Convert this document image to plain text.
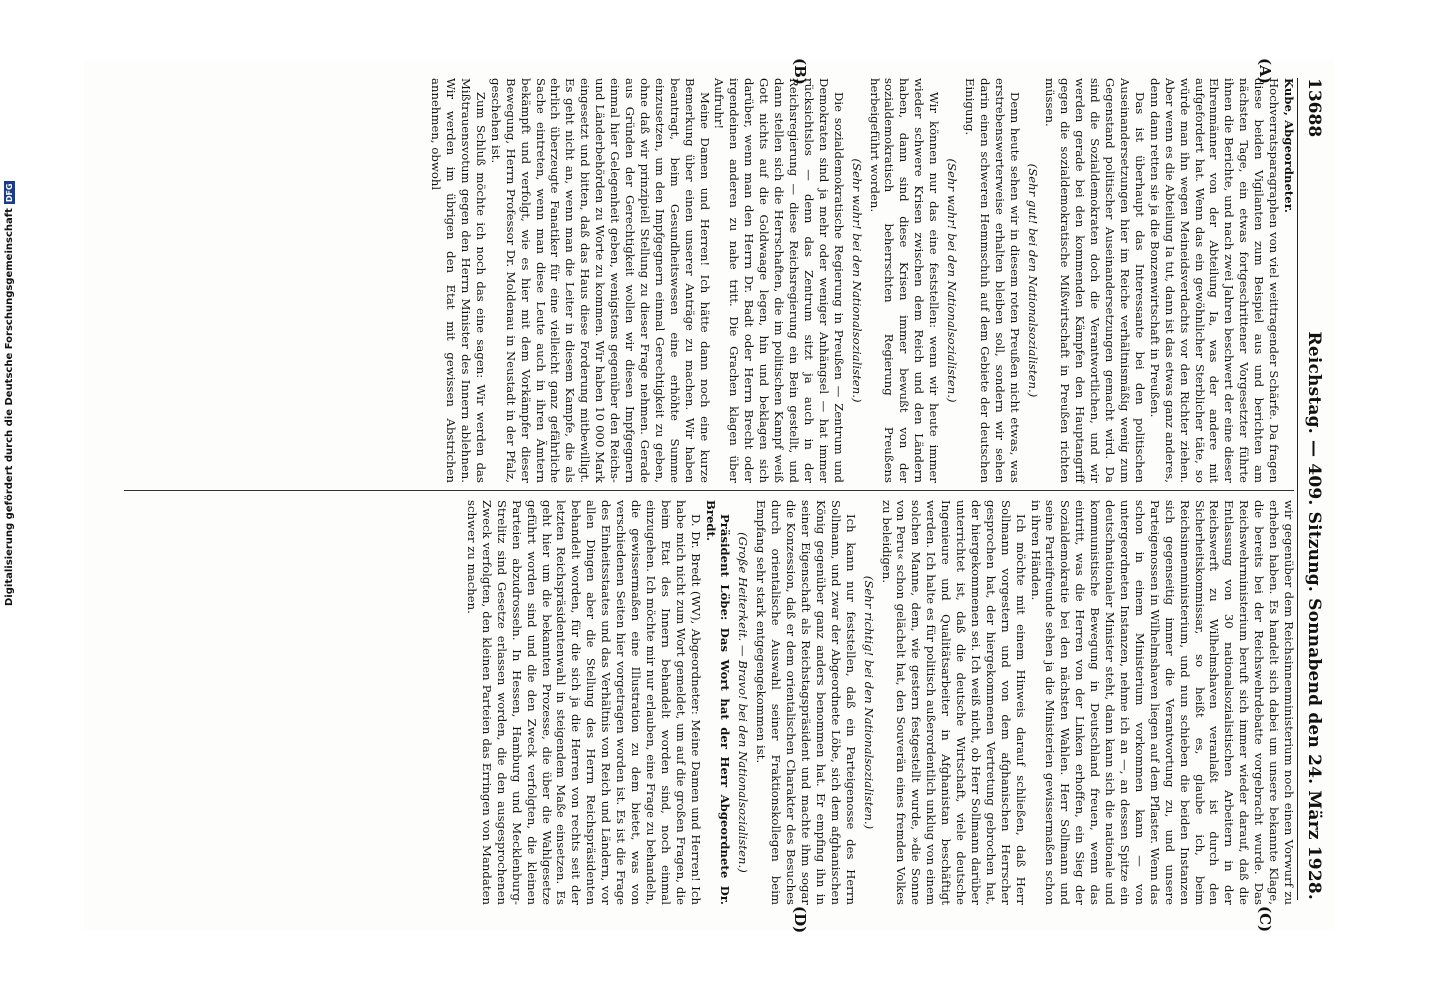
13688
Reichstag. — 409. Sitzung. Sonnabend den 24. März 1928.
(A)
(B)
(C)
(D)

Kube, Abgeordneter.

Hochverratsparagraphen von viel weittragender Schärfe. Da fragen diese beiden Vigilanten zum Beispiel aus und berichten am nächsten Tage, ein etwas fortgeschrittener Vorgesetzter führte ihnen die Berichte, und nach zwei Jahren beschwert der eine dieser Ehrenmänner von der Abteilung Ia, was der andere mit aufgefordert hat. Wenn das ein gewöhnlicher Sterblicher täte, so würde man ihn wegen Meineidsverdachts vor den Richter ziehen. Aber wenn es die Abteilung Ia tut, dann ist das etwas ganz anderes, denn dann retten sie ja die Bonzenwirtschaft in Preußen.

Das ist überhaupt das Interessante bei den politischen Auseinandersetzungen hier im Reiche verhältnismäßig wenig zum Gegenstand politischer Auseinandersetzungen gemacht wird. Da sind die Sozialdemokraten doch die Verantwortlichen, und wir werden gerade bei den kommenden Kämpfen den Hauptangriff gegen die sozialdemokratische Mißwirtschaft in Preußen richten müssen.

(Sehr gut! bei den Nationalsozialisten.)

Denn heute sehen wir in diesem roten Preußen nicht etwas, was erstrebenswerterweise erhalten bleiben soll, sondern wir sehen darin einen schweren Hemmschuh auf dem Gebiete der deutschen Einigung.

(Sehr wahr! bei den Nationalsozialisten.)

Wir können nur das eine feststellen: wenn wir heute immer wieder schwere Krisen zwischen dem Reich und den Ländern haben, dann sind diese Krisen immer bewußt von der sozialdemokratisch beherrschten Regierung Preußens herbeigeführt worden.

(Sehr wahr! bei den Nationalsozialisten.)

Die sozialdemokratische Regierung in Preußen — Zentrum und Demokraten sind ja mehr oder weniger Anhängsel — hat immer rücksichtslos — denn das Zentrum sitzt ja auch in der Reichsregierung — diese Reichsregierung ein Bein gestellt, und dann stellen sich die Herrschaften, die im politischen Kampf weiß Gott nichts auf die Goldwaage legen, hin und beklagen sich darüber, wenn man den Herrn Dr. Badt oder Herrn Brecht oder irgendeinen anderen zu nahe tritt. Die Grachen klagen über Aufruhr!

Meine Damen und Herren! Ich hätte dann noch eine kurze Bemerkung über einen unserer Anträge zu machen. Wir haben beantragt, beim Gesundheitswesen eine erhöhte Summe einzusetzen, um den Impfgegnern einmal Gerechtigkeit zu geben, ohne daß wir prinzipiell Stellung zu dieser Frage nehmen. Gerade aus Gründen der Gerechtigkeit wollen wir diesen Impfgegnern einmal hier Gelegenheit geben, wenigstens gegenüber den Reichs- und Länderbehörden zu Worte zu kommen. Wir haben 10 000 Mark eingesetzt und bitten, daß das Haus diese Forderung mitbewilligt. Es geht nicht an, wenn man die Leiter in diesem Kampfe, die als ehrlich überzeugte Fanatiker für eine vielleicht ganz gefährliche Sache eintreten, wenn man diese Leute auch in ihren Ämtern bekämpft und verfolgt, wie es hier mit dem Vorkämpfer dieser Bewegung, Herrn Professor Dr. Moldenau in Neustadt in der Pfalz, geschehen ist.

Zum Schluß möchte ich noch das eine sagen: Wir werden das Mißtrauensvotum gegen den Herrn Minister des Innern ablehnen. Wir werden im übrigen den Etat mit gewissen Abstrichen annehmen, obwohl

wir gegenüber dem Reichsinnenministerium noch einen Vorwurf zu erheben haben. Es handelt sich dabei um unsere bekannte Klage, die bereits bei der Reichswehrdebatte vorgebracht wurde. Das Reichswehrministerium beruft sich immer wieder darauf, daß die Entlassung von 30 nationalsozialistischen Arbeitern in der Reichswerft zu Wilhelmshaven veranlaßt ist durch den Sicherheitskommissar, so heißt es, glaube ich, beim Reichsinnenministerium, und nun schieben die beiden Instanzen sich gegenseitig immer die Verantwortung zu, und unsere Parteigenossen in Wilhelmshaven liegen auf dem Pflaster. Wenn das schon in einem Ministerium vorkommen kann — von untergeordneten Instanzen, nehme ich an —, an dessen Spitze ein deutschnationaler Minister steht, dann kann sich die nationale und kommunistische Bewegung in Deutschland freuen, wenn das eintritt, was die Herren von der Linken erhoffen, ein Sieg der Sozialdemokratie bei den nächsten Wahlen. Herr Sollmann und seine Parteifreunde sehen ja die Ministerien gewissermaßen schon in ihren Händen.

Ich möchte mit einem Hinweis darauf schließen, daß Herr Sollmann vorgestern und von dem afghanischen Herrscher gesprochen hat, der hiergekommenen Vertretung gebrochen hat, der hiergekommenen sei. Ich weiß nicht, ob Herr Sollmann darüber unterrichtet ist, daß die deutsche Wirtschaft, viele deutsche Ingenieure und Qualitätsarbeiter in Afghanistan beschäftigt werden. Ich halte es für politisch außerordentlich unklug von einem solchen Manne, dem, wie gestern festgestellt wurde, »die Sonne von Peru« schon gelächelt hat, den Souverän eines fremden Volkes zu beleidigen.

(Sehr richtig! bei den Nationalsozialisten.)

Ich kann nur feststellen, daß ein Parteigenosse des Herrn Sollmann, und zwar der Abgeordnete Löbe, sich dem afghanischen König gegenüber ganz anders benommen hat. Er empfing ihn in seiner Eigenschaft als Reichstagspräsident und machte ihm sogar die Konzession, daß er dem orientalischen Charakter des Besuches durch orientalische Auswahl seiner Fraktionskollegen beim Empfang sehr stark entgegengekommen ist.

(Große Heiterkeit. — Bravo! bei den Nationalsozialisten.)

Präsident Löbe: Das Wort hat der Herr Abgeordnete Dr. Bredt.

D. Dr. Bredt (WV), Abgeordneter: Meine Damen und Herren! Ich habe mich nicht zum Wort gemeldet, um auf die großen Fragen, die beim Etat des Innern behandelt worden sind, noch einmal einzugehen. Ich möchte mir nur erlauben, eine Frage zu behandeln, die gewissermaßen eine Illustration zu dem bietet, was von verschiedenen Seiten hier vorgetragen worden ist. Es ist die Frage des Einheitsstaates und das Verhältnis von Reich und Ländern, vor allen Dingen aber die Stellung des Herrn Reichspräsidenten behandelt worden, für die sich ja die Herren von rechts seit der letzten Reichspräsidentenwahl in steigendem Maße einsetzen. Es geht hier um die bekannten Prozesse, die über die Wahlgesetze geführt worden sind und die den Zweck verfolgten, die kleinen Parteien abzudrosseln. In Hessen, Hamburg und Mecklenburg-Strelitz sind Gesetze erlassen worden, die den ausgesprochenen Zweck verfolgten, den kleinen Parteien das Erringen von Mandaten schwer zu machen.

Digitalisierung gefördert durch die Deutsche Forschungsgemeinschaft
DFG
